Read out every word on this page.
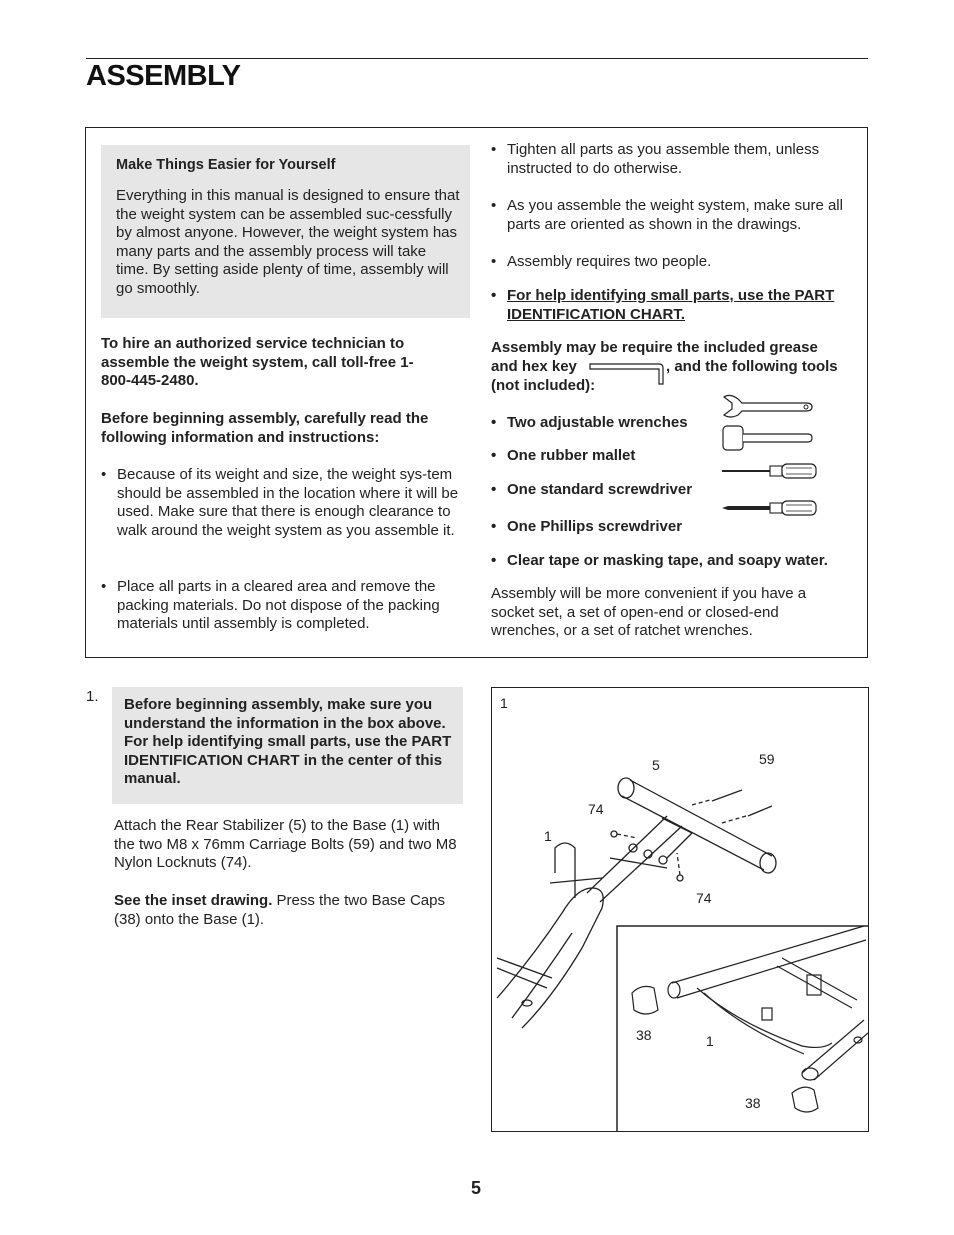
ASSEMBLY
Make Things Easier for Yourself
Everything in this manual is designed to ensure that the weight system can be assembled suc-cessfully by almost anyone. However, the weight system has many parts and the assembly process will take time. By setting aside plenty of time, assembly will go smoothly.
To hire an authorized service technician to assemble the weight system, call toll-free 1-800-445-2480.
Before beginning assembly, carefully read the following information and instructions:
• Because of its weight and size, the weight sys-tem should be assembled in the location where it will be used. Make sure that there is enough clearance to walk around the weight system as you assemble it.
• Place all parts in a cleared area and remove the packing materials. Do not dispose of the packing materials until assembly is completed.
• Tighten all parts as you assemble them, unless instructed to do otherwise.
• As you assemble the weight system, make sure all parts are oriented as shown in the drawings.
• Assembly requires two people.
• For help identifying small parts, use the PART IDENTIFICATION CHART.
Assembly may be require the included grease
and hex key	, and the following tools
(not included):
• Two adjustable wrenches
• One rubber mallet
• One standard screwdriver
• One Phillips screwdriver
• Clear tape or masking tape, and soapy water.
Assembly will be more convenient if you have a socket set, a set of open-end or closed-end wrenches, or a set of ratchet wrenches.
1. Before beginning assembly, make sure you understand the information in the box above. For help identifying small parts, use the PART IDENTIFICATION CHART in the center of this manual.
Attach the Rear Stabilizer (5) to the Base (1) with the two M8 x 76mm Carriage Bolts (59) and two M8 Nylon Locknuts (74).
See the inset drawing. Press the two Base Caps (38) onto the Base (1).
1
5	59
74
1
74
38	1
38
5
